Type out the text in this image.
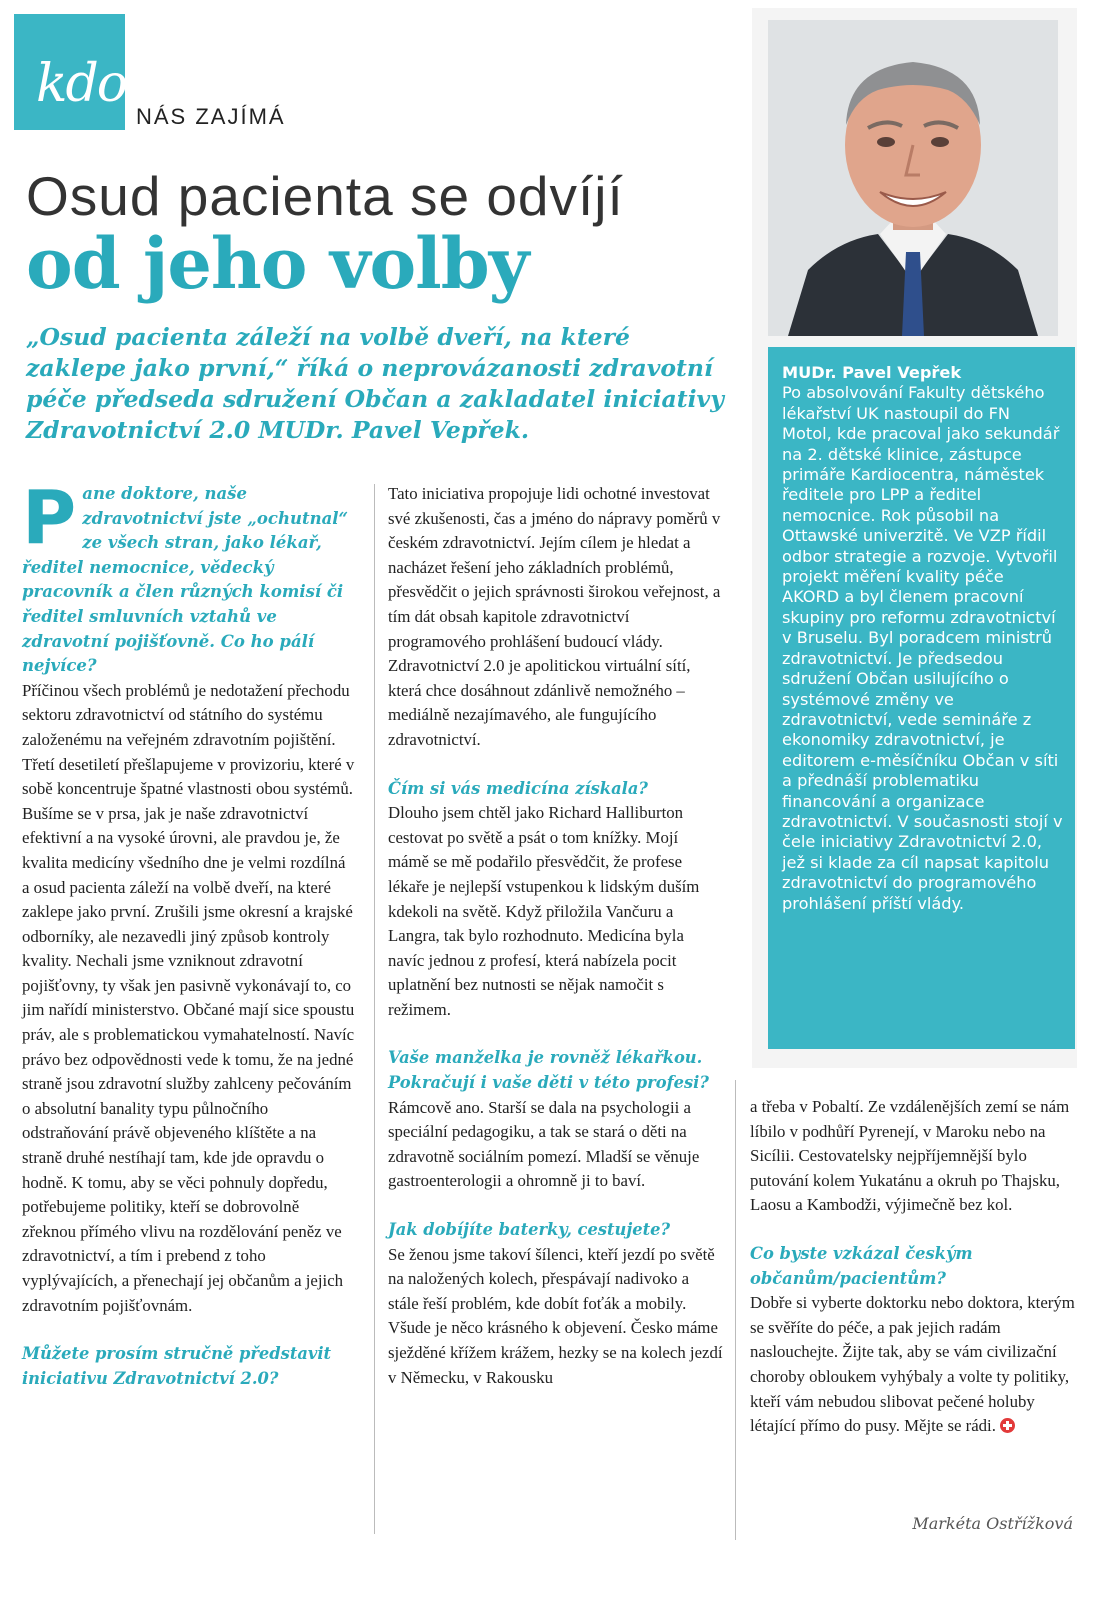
kdo
NÁS ZAJÍMÁ
Osud pacienta se odvíjí
od jeho volby
„Osud pacienta záleží na volbě dveří, na které zaklepe jako první,“ říká o neprovázanosti zdravotní péče předseda sdružení Občan a zakladatel iniciativy Zdravotnictví 2.0 MUDr. Pavel Vepřek.
MUDr. Pavel Vepřek
Po absolvování Fakulty dětského lékařství UK nastoupil do FN Motol, kde pracoval jako sekundář na 2. dětské klinice, zástupce primáře Kardiocentra, náměstek ředitele pro LPP a ředitel nemocnice. Rok působil na Ottawské univerzitě. Ve VZP řídil odbor strategie a rozvoje. Vytvořil projekt měření kvality péče AKORD a byl členem pracovní skupiny pro reformu zdravotnictví v Bruselu. Byl poradcem ministrů zdravotnictví. Je předsedou sdružení Občan usilujícího o systémové změny ve zdravotnictví, vede semináře z ekonomiky zdravotnictví, je editorem e-měsíčníku Občan v síti a přednáší problematiku financování a organizace zdravotnictví. V současnosti stojí v čele iniciativy Zdravotnictví 2.0, jež si klade za cíl napsat kapitolu zdravotnictví do programového prohlášení příští vlády.
P ane doktore, naše zdravotnictví jste „ochutnal“ ze všech stran, jako lékař, ředitel nemocnice, vědecký pracovník a člen různých komisí či ředitel smluvních vztahů ve zdravotní pojišťovně. Co ho pálí nejvíce?

Příčinou všech problémů je nedotažení přechodu sektoru zdravotnictví od státního do systému založenému na veřejném zdravotním pojištění. Třetí desetiletí přešlapujeme v provizoriu, které v sobě koncentruje špatné vlastnosti obou systémů. Bušíme se v prsa, jak je naše zdravotnictví efektivní a na vysoké úrovni, ale pravdou je, že kvalita medicíny všedního dne je velmi rozdílná a osud pacienta záleží na volbě dveří, na které zaklepe jako první. Zrušili jsme okresní a krajské odborníky, ale nezavedli jiný způsob kontroly kvality. Nechali jsme vzniknout zdravotní pojišťovny, ty však jen pasivně vykonávají to, co jim nařídí ministerstvo. Občané mají sice spoustu práv, ale s problematickou vymahatelností. Navíc právo bez odpovědnosti vede k tomu, že na jedné straně jsou zdravotní služby zahlceny pečováním o absolutní banality typu půlnočního odstraňování právě objeveného klíštěte a na straně druhé nestíhají tam, kde jde opravdu o hodně. K tomu, aby se věci pohnuly dopředu, potřebujeme politiky, kteří se dobrovolně zřeknou přímého vlivu na rozdělování peněz ve zdravotnictví, a tím i prebend z toho vyplývajících, a přenechají jej občanům a jejich zdravotním pojišťovnám.

Můžete prosím stručně představit iniciativu Zdravotnictví 2.0?

Tato iniciativa propojuje lidi ochotné investovat své zkušenosti, čas a jméno do nápravy poměrů v českém zdravotnictví. Jejím cílem je hledat a nacházet řešení jeho základních problémů, přesvědčit o jejich správnosti širokou veřejnost, a tím dát obsah kapitole zdravotnictví programového prohlášení budoucí vlády. Zdravotnictví 2.0 je apolitickou virtuální sítí, která chce dosáhnout zdánlivě nemožného – mediálně nezajímavého, ale fungujícího zdravotnictví.

Čím si vás medicína získala?

Dlouho jsem chtěl jako Richard Halliburton cestovat po světě a psát o tom knížky. Mojí mámě se mě podařilo přesvědčit, že profese lékaře je nejlepší vstupenkou k lidským duším kdekoli na světě. Když přiložila Vančuru a Langra, tak bylo rozhodnuto. Medicína byla navíc jednou z profesí, která nabízela pocit uplatnění bez nutnosti se nějak namočit s režimem.

Vaše manželka je rovněž lékařkou. Pokračují i vaše děti v této profesi?

Rámcově ano. Starší se dala na psychologii a speciální pedagogiku, a tak se stará o děti na zdravotně sociálním pomezí. Mladší se věnuje gastroenterologii a ohromně ji to baví.

Jak dobíjíte baterky, cestujete?

Se ženou jsme takoví šílenci, kteří jezdí po světě na naložených kolech, přespávají nadivoko a stále řeší problém, kde dobít foťák a mobily. Všude je něco krásného k objevení. Česko máme sježděné křížem krážem, hezky se na kolech jezdí v Německu, v Rakousku

a třeba v Pobaltí. Ze vzdálenějších zemí se nám líbilo v podhůří Pyrenejí, v Maroku nebo na Sicílii. Cestovatelsky nejpříjemnější bylo putování kolem Yukatánu a okruh po Thajsku, Laosu a Kambodži, výjimečně bez kol.

Co byste vzkázal českým občanům/pacientům?

Dobře si vyberte doktorku nebo doktora, kterým se svěříte do péče, a pak jejich radám naslouchejte. Žijte tak, aby se vám civilizační choroby obloukem vyhýbaly a volte ty politiky, kteří vám nebudou slibovat pečené holuby létající přímo do pusy. Mějte se rádi.

Markéta Ostřížková
